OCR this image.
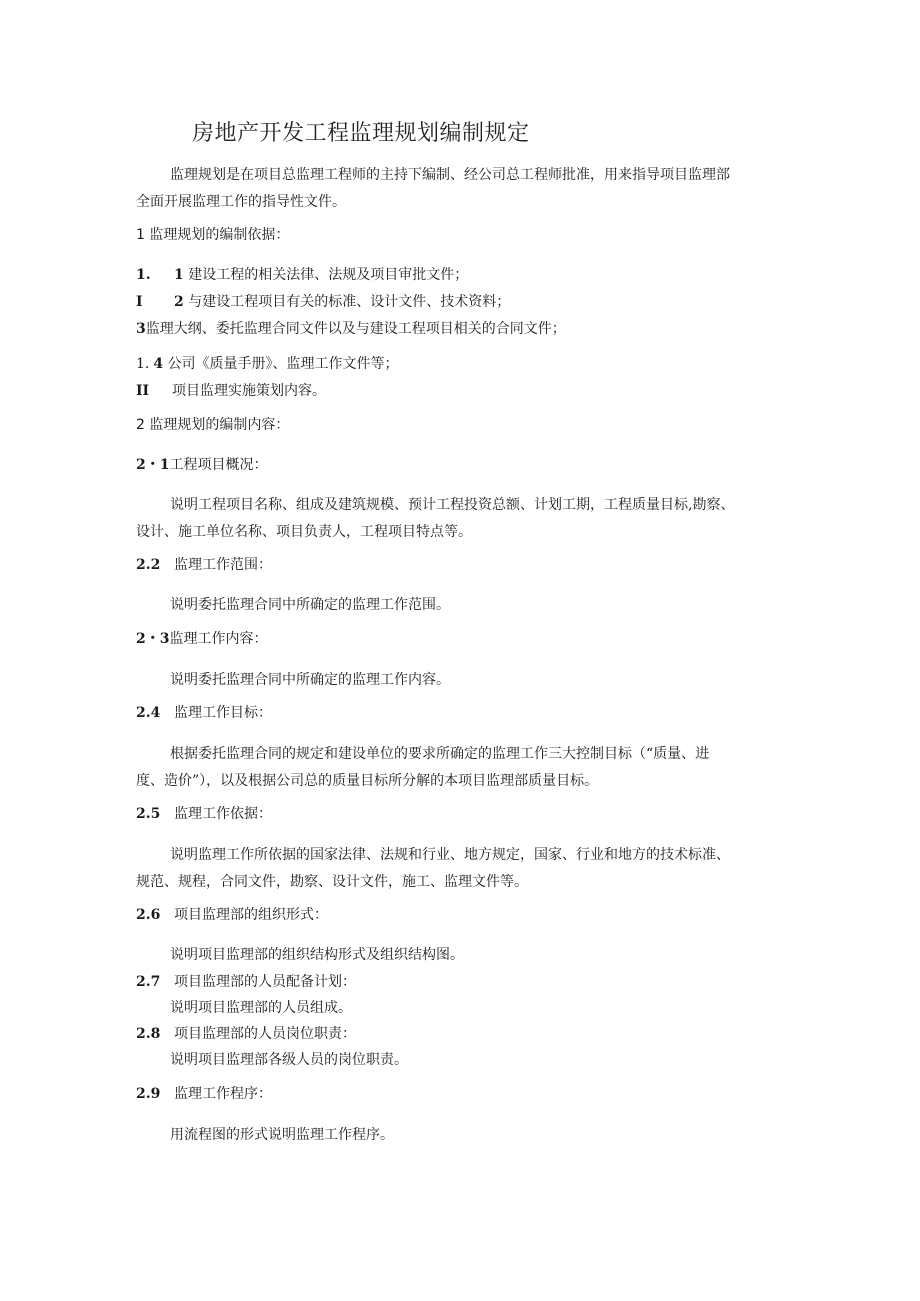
房地产开发工程监理规划编制规定
监理规划是在项目总监理工程师的主持下编制、经公司总工程师批准，用来指导项目监理部
全面开展监理工作的指导性文件。
1 监理规划的编制依据：
1. 1 建设工程的相关法律、法规及项目审批文件；
I 2 与建设工程项目有关的标准、设计文件、技术资料；
3监理大纲、委托监理合同文件以及与建设工程项目相关的合同文件；
1. 4 公司《质量手册》、监理工作文件等；
II 项目监理实施策划内容。
2 监理规划的编制内容：
2・1工程项目概况：
说明工程项目名称、组成及建筑规模、预计工程投资总额、计划工期，工程质量目标,勘察、
设计、施工单位名称、项目负责人，工程项目特点等。
2.2 监理工作范围：
说明委托监理合同中所确定的监理工作范围。
2・3监理工作内容：
说明委托监理合同中所确定的监理工作内容。
2.4 监理工作目标：
根据委托监理合同的规定和建设单位的要求所确定的监理工作三大控制目标（“质量、进
度、造价”），以及根据公司总的质量目标所分解的本项目监理部质量目标。
2.5 监理工作依据：
说明监理工作所依据的国家法律、法规和行业、地方规定，国家、行业和地方的技术标准、
规范、规程，合同文件，勘察、设计文件，施工、监理文件等。
2.6 项目监理部的组织形式：
说明项目监理部的组织结构形式及组织结构图。
2.7 项目监理部的人员配备计划：
说明项目监理部的人员组成。
2.8 项目监理部的人员岗位职责：
说明项目监理部各级人员的岗位职责。
2.9 监理工作程序：
用流程图的形式说明监理工作程序。
